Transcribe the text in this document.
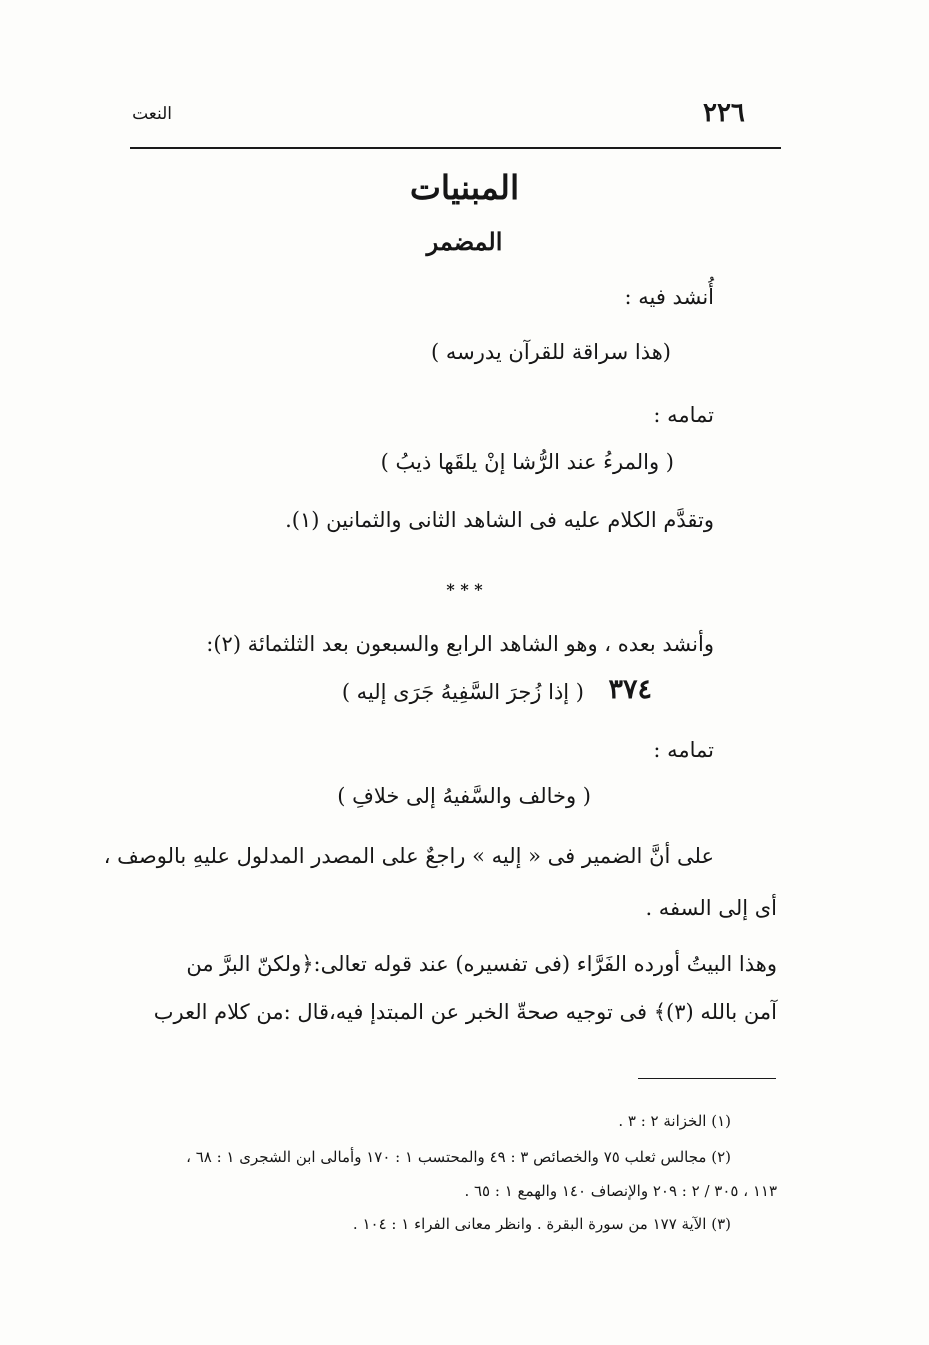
٢٢٦
النعت
المبنيات
المضمر
أُنشد فيه :
(هذا سراقة للقرآن يدرسه )
تمامه :
( والمرءُ عند الرُّشا إنْ يلقَها ذيبُ )
وتقدَّم الكلام عليه فى الشاهد الثانى والثمانين (١).
* * *
وأنشد بعده ، وهو الشاهد الرابع والسبعون بعد الثلثمائة (٢):
٣٧٤
( إذا زُجرَ السَّفِيهُ جَرَى إليه )
تمامه :
( وخالف والسَّفيهُ إلى خلافِ )
على أنَّ الضمير فى « إليه » راجعٌ على المصدر المدلول عليهِ بالوصف ،
أى إلى السفه .
وهذا البيتُ أورده الفَرَّاء (فى تفسيره) عند قوله تعالى:﴿ولكنّ البرَّ من
آمن بالله (٣)﴾ فى توجيه صحةّ الخبر عن المبتدإ فيه،قال :من كلام العرب
(١) الخزانة ٢ : ٣ .
(٢) مجالس ثعلب ٧٥ والخصائص ٣ : ٤٩ والمحتسب ١ : ١٧٠ وأمالى ابن الشجرى ١ : ٦٨ ،
١١٣ ، ٣٠٥ / ٢ : ٢٠٩ والإنصاف ١٤٠ والهمع ١ : ٦٥ .
(٣) الآية ١٧٧ من سورة البقرة . وانظر معانى الفراء ١ : ١٠٤ .
